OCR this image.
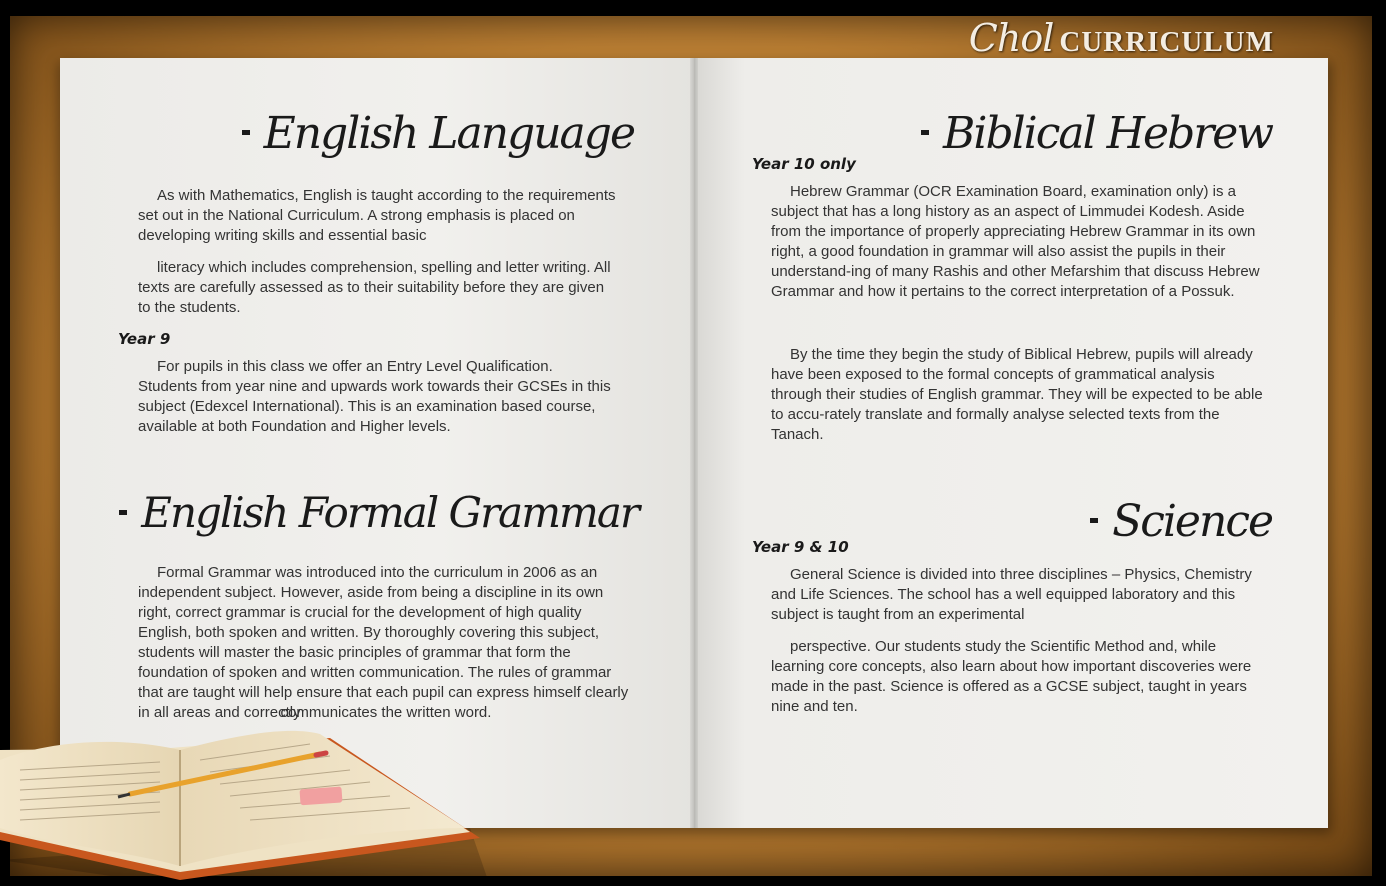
Chol CURRICULUM
English Language

As with Mathematics, English is taught according to the requirements set out in the National Curriculum. A strong emphasis is placed on developing writing skills and essential basic

literacy which includes comprehension, spelling and letter writing. All texts are carefully assessed as to their suitability before they are given to the students.

Year 9

For pupils in this class we offer an Entry Level Qualification. Students from year nine and upwards work towards their GCSEs in this subject (Edexcel International). This is an examination based course, available at both Foundation and Higher levels.

English Formal Grammar

Formal Grammar was introduced into the curriculum in 2006 as an independent subject. However, aside from being a discipline in its own right, correct grammar is crucial for the development of high quality English, both spoken and written. By thoroughly covering this subject, students will master the basic principles of grammar that form the foundation of spoken and written communication. The rules of grammar that are taught will help ensure that each pupil can express himself clearly in all areas and correctly

communicates the written word.

Biblical Hebrew
Year 10 only

Hebrew Grammar (OCR Examination Board, examination only) is a subject that has a long history as an aspect of Limmudei Kodesh. Aside from the importance of properly appreciating Hebrew Grammar in its own right, a good foundation in grammar will also assist the pupils in their understand-ing of many Rashis and other Mefarshim that discuss Hebrew Grammar and how it pertains to the correct interpretation of a Possuk.

By the time they begin the study of Biblical Hebrew, pupils will already have been exposed to the formal concepts of grammatical analysis through their studies of English grammar. They will be expected to be able to accu-rately translate and formally analyse selected texts from the Tanach.

Science
Year 9 & 10

General Science is divided into three disciplines – Physics, Chemistry and Life Sciences. The school has a well equipped laboratory and this subject is taught from an experimental

perspective. Our students study the Scientific Method and, while learning core concepts, also learn about how important discoveries were made in the past. Science is offered as a GCSE subject, taught in years nine and ten.
